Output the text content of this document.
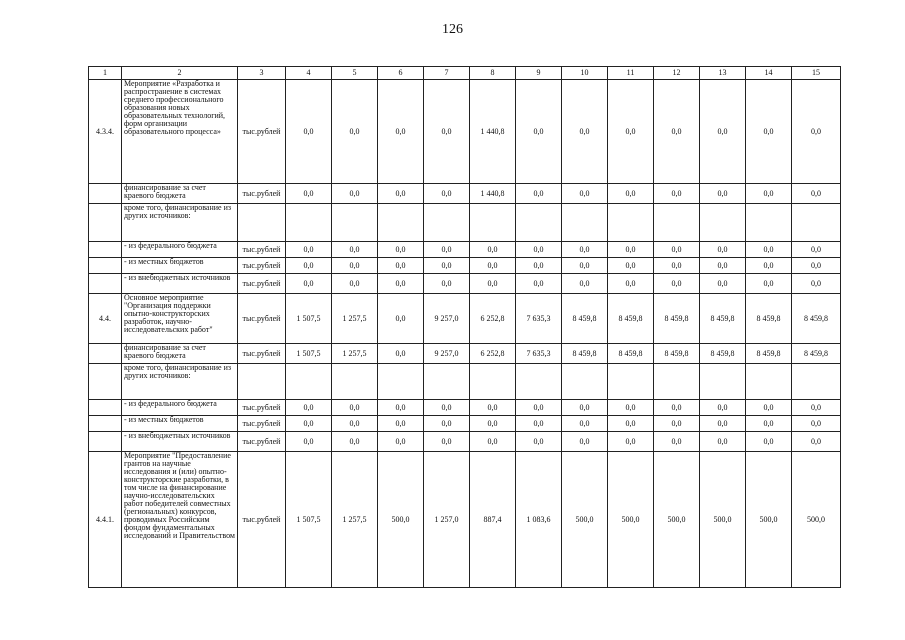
126
1	2	3	4	5	6	7	8	9	10	11	12	13	14	15
4.3.4.	Мероприятие «Разработка и распространение в системах среднего профессионального образования новых образовательных технологий, форм организации образовательного процесса»	тыс.рублей	0,0	0,0	0,0	0,0	1 440,8	0,0	0,0	0,0	0,0	0,0	0,0	0,0
	финансирование за счет краевого бюджета	тыс.рублей	0,0	0,0	0,0	0,0	1 440,8	0,0	0,0	0,0	0,0	0,0	0,0	0,0
	кроме того, финансирование из других источников:													
	- из федерального бюджета	тыс.рублей	0,0	0,0	0,0	0,0	0,0	0,0	0,0	0,0	0,0	0,0	0,0	0,0
	- из местных бюджетов	тыс.рублей	0,0	0,0	0,0	0,0	0,0	0,0	0,0	0,0	0,0	0,0	0,0	0,0
	- из внебюджетных источников	тыс.рублей	0,0	0,0	0,0	0,0	0,0	0,0	0,0	0,0	0,0	0,0	0,0	0,0
4.4.	Основное мероприятие "Организация поддержки опытно-конструкторских разработок, научно-исследовательских работ"	тыс.рублей	1 507,5	1 257,5	0,0	9 257,0	6 252,8	7 635,3	8 459,8	8 459,8	8 459,8	8 459,8	8 459,8	8 459,8
	финансирование за счет краевого бюджета	тыс.рублей	1 507,5	1 257,5	0,0	9 257,0	6 252,8	7 635,3	8 459,8	8 459,8	8 459,8	8 459,8	8 459,8	8 459,8
	кроме того, финансирование из других источников:													
	- из федерального бюджета	тыс.рублей	0,0	0,0	0,0	0,0	0,0	0,0	0,0	0,0	0,0	0,0	0,0	0,0
	- из местных бюджетов	тыс.рублей	0,0	0,0	0,0	0,0	0,0	0,0	0,0	0,0	0,0	0,0	0,0	0,0
	- из внебюджетных источников	тыс.рублей	0,0	0,0	0,0	0,0	0,0	0,0	0,0	0,0	0,0	0,0	0,0	0,0
4.4.1.	Мероприятие "Предоставление грантов на научные исследования и (или) опытно-конструкторские разработки, в том числе на финансирование научно-исследовательских работ победителей совместных (региональных) конкурсов, проводимых Российским фондом фундаментальных исследований и Правительством	тыс.рублей	1 507,5	1 257,5	500,0	1 257,0	887,4	1 083,6	500,0	500,0	500,0	500,0	500,0	500,0
